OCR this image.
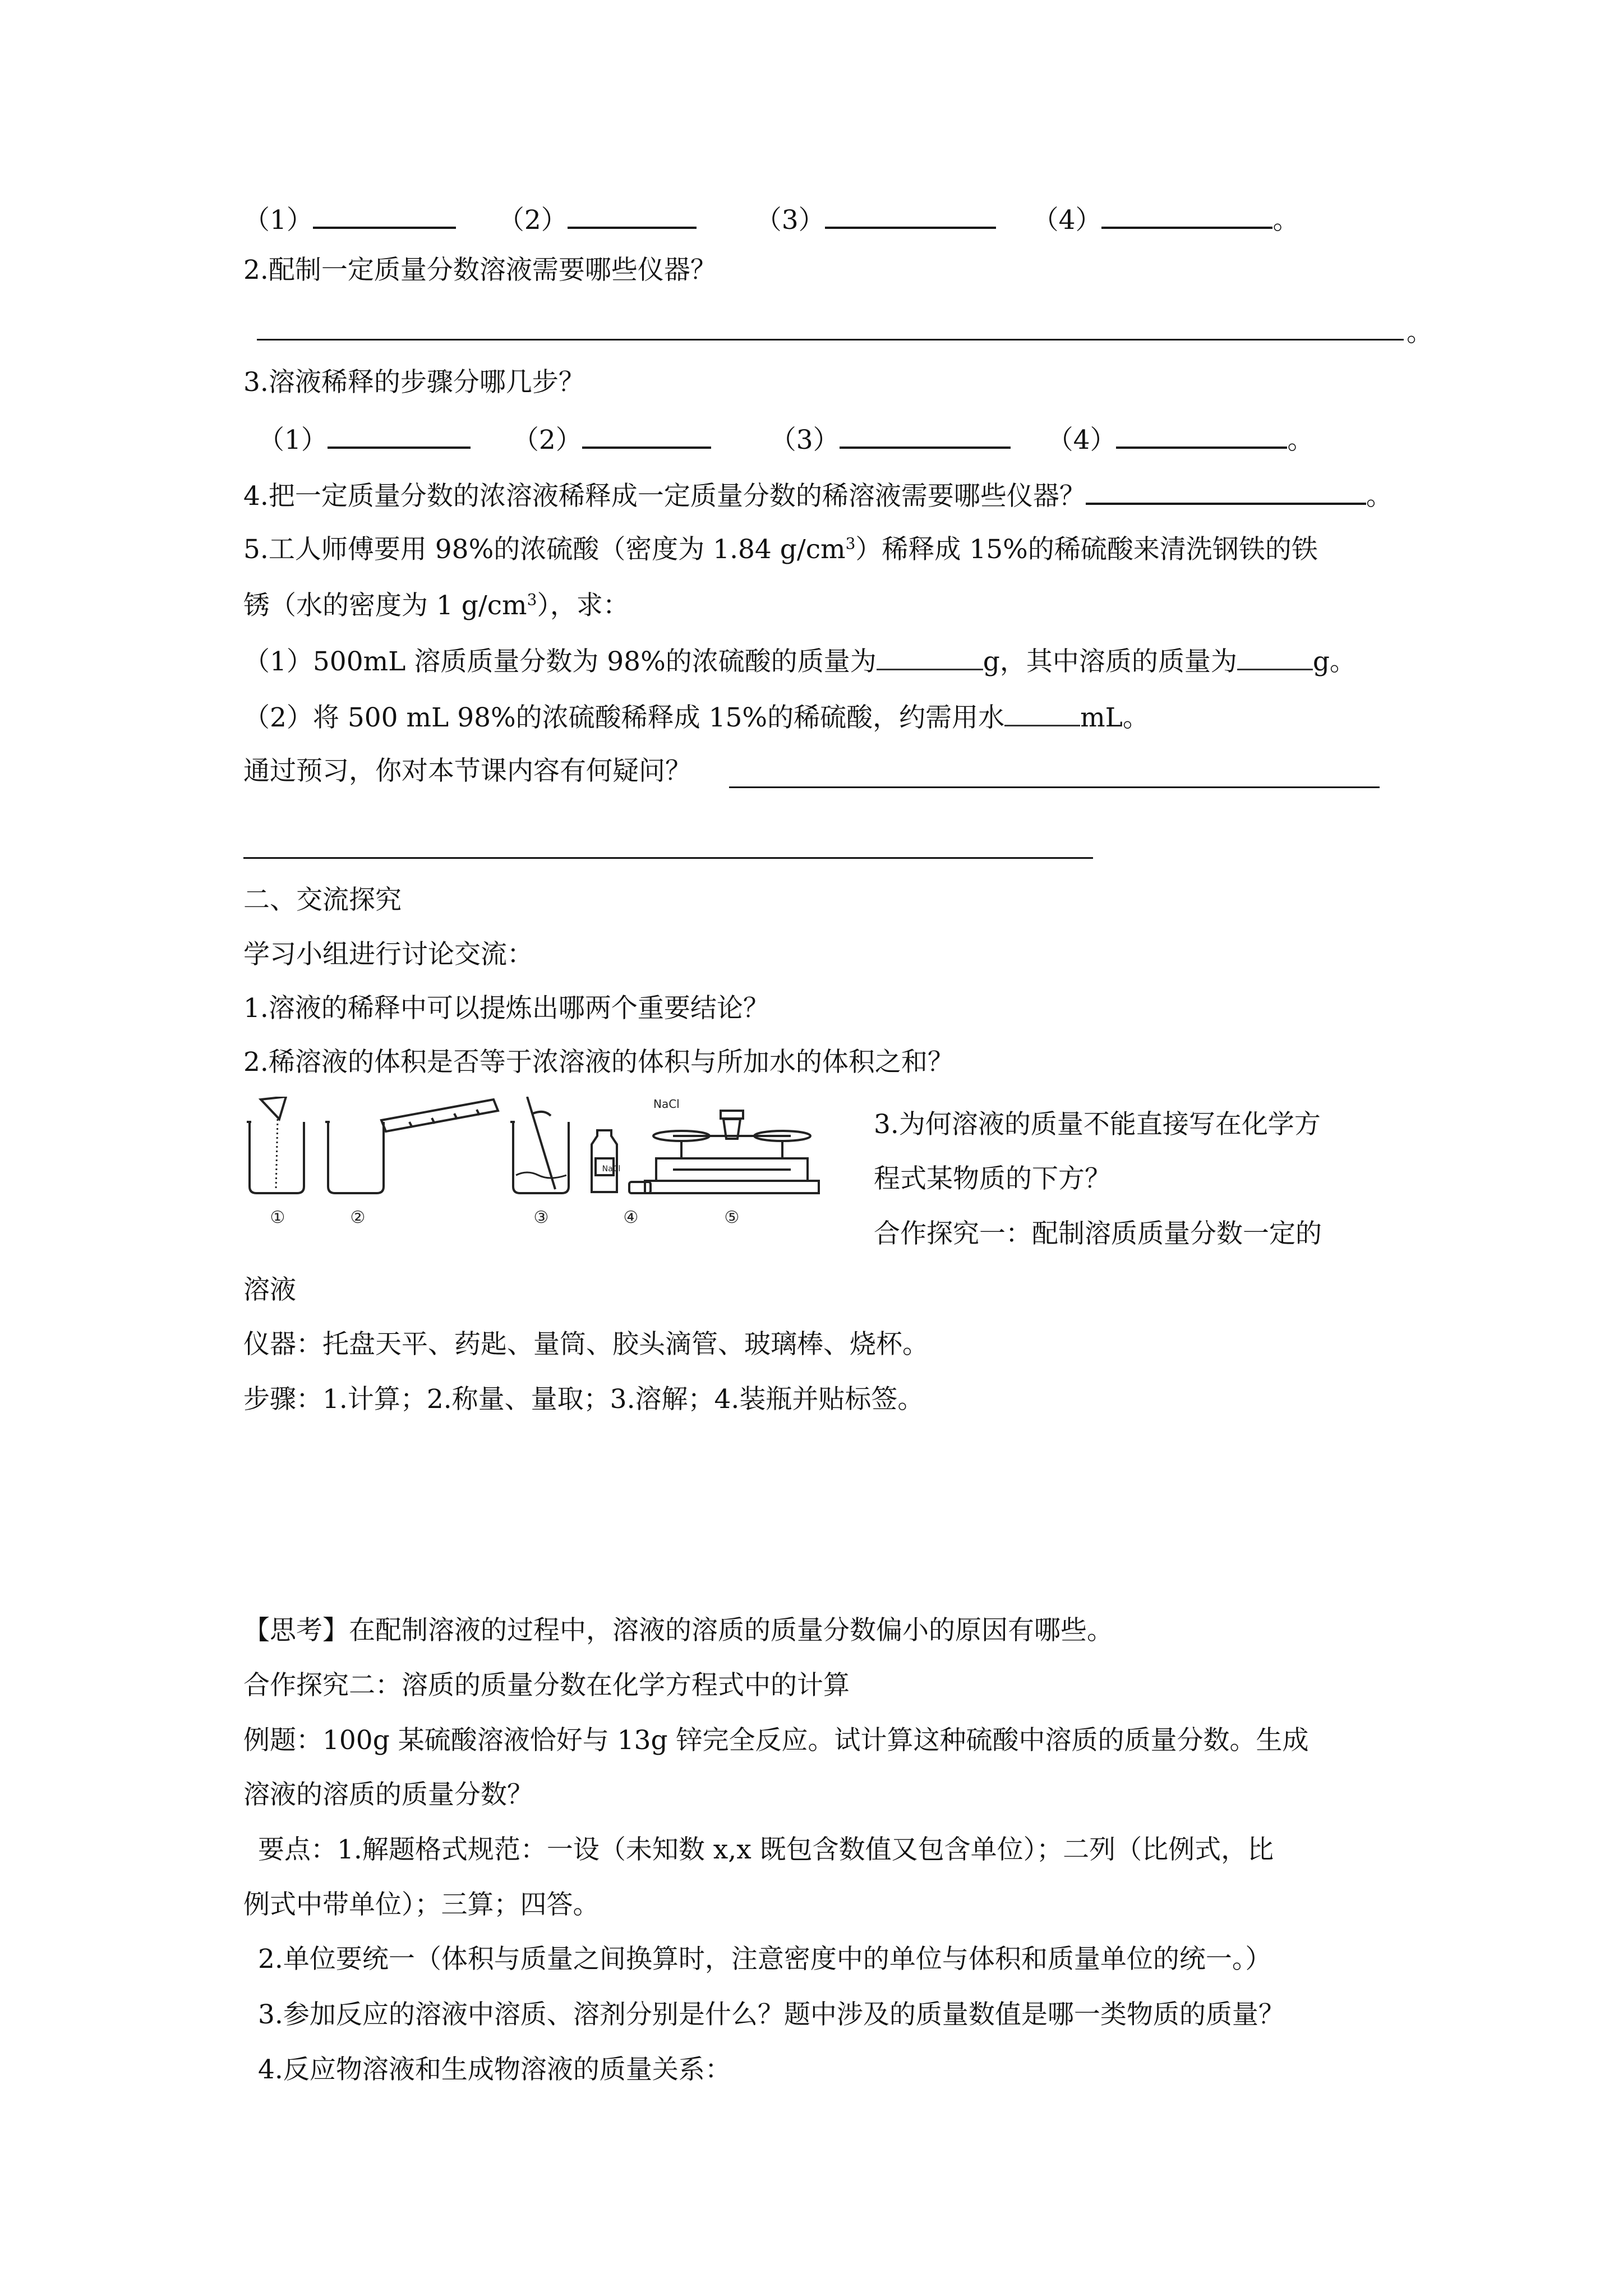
（1）	（2）	（3）	（4）	。
2.配制一定质量分数溶液需要哪些仪器？
。
3.溶液稀释的步骤分哪几步？
（1）	（2）	（3）	（4）	。
4.把一定质量分数的浓溶液稀释成一定质量分数的稀溶液需要哪些仪器？	。
5.工人师傅要用 98%的浓硫酸（密度为 1.84 $g/cm^3$）稀释成 15%的稀硫酸来清洗钢铁的铁
锈（水的密度为 1 $g/cm^3$），求：
（1）500mL 溶质质量分数为 98%的浓硫酸的质量为	g，其中溶质的质量为	g。
（2）将 500 mL 98%的浓硫酸稀释成 15%的稀硫酸，约需用水	mL。
通过预习，你对本节课内容有何疑问？
二、交流探究
学习小组进行讨论交流：
1.溶液的稀释中可以提炼出哪两个重要结论？
2.稀溶液的体积是否等于浓溶液的体积与所加水的体积之和？
NaCl
NaCl
①	②	③	④	⑤
3.为何溶液的质量不能直接写在化学方
程式某物质的下方？
合作探究一：配制溶质质量分数一定的
溶液
仪器：托盘天平、药匙、量筒、胶头滴管、玻璃棒、烧杯。
步骤：1.计算；2.称量、量取；3.溶解；4.装瓶并贴标签。
【思考】在配制溶液的过程中，溶液的溶质的质量分数偏小的原因有哪些。
合作探究二：溶质的质量分数在化学方程式中的计算
例题：100g 某硫酸溶液恰好与 13g 锌完全反应。试计算这种硫酸中溶质的质量分数。生成
溶液的溶质的质量分数？
要点：1.解题格式规范：一设（未知数 x,x 既包含数值又包含单位）；二列（比例式，比
例式中带单位）；三算；四答。
2.单位要统一（体积与质量之间换算时，注意密度中的单位与体积和质量单位的统一。）
3.参加反应的溶液中溶质、溶剂分别是什么？题中涉及的质量数值是哪一类物质的质量？
4.反应物溶液和生成物溶液的质量关系：
